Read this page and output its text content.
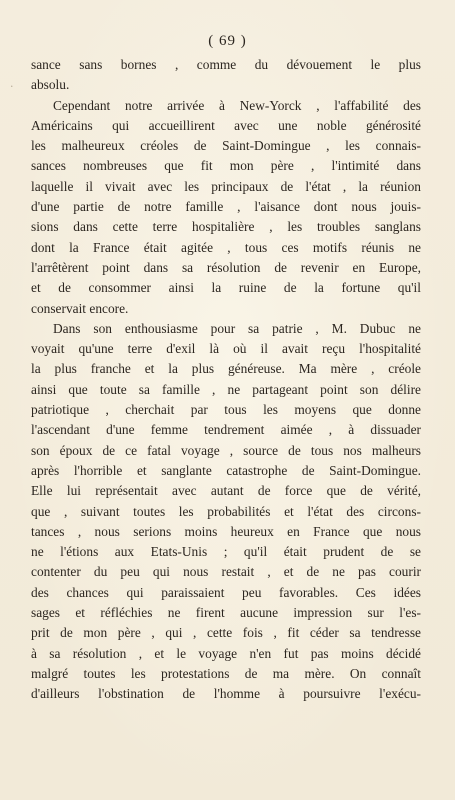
( 69 )
sance sans bornes , comme du dévouement le plus
absolu.
Cependant notre arrivée à New-Yorck , l'affabilité des
Américains qui accueillirent avec une noble générosité
les malheureux créoles de Saint-Domingue , les connais-
sances nombreuses que fit mon père , l'intimité dans
laquelle il vivait avec les principaux de l'état , la réunion
d'une partie de notre famille , l'aisance dont nous jouis-
sions dans cette terre hospitalière , les troubles sanglans
dont la France était agitée , tous ces motifs réunis ne
l'arrêtèrent point dans sa résolution de revenir en Europe,
et de consommer ainsi la ruine de la fortune qu'il
conservait encore.
Dans son enthousiasme pour sa patrie , M. Dubuc ne
voyait qu'une terre d'exil là où il avait reçu l'hospitalité
la plus franche et la plus généreuse. Ma mère , créole
ainsi que toute sa famille , ne partageant point son délire
patriotique , cherchait par tous les moyens que donne
l'ascendant d'une femme tendrement aimée , à dissuader
son époux de ce fatal voyage , source de tous nos malheurs
après l'horrible et sanglante catastrophe de Saint-Domingue.
Elle lui représentait avec autant de force que de vérité,
que , suivant toutes les probabilités et l'état des circons-
tances , nous serions moins heureux en France que nous
ne l'étions aux Etats-Unis ; qu'il était prudent de se
contenter du peu qui nous restait , et de ne pas courir
des chances qui paraissaient peu favorables. Ces idées
sages et réfléchies ne firent aucune impression sur l'es-
prit de mon père , qui , cette fois , fit céder sa tendresse
à sa résolution , et le voyage n'en fut pas moins décidé
malgré toutes les protestations de ma mère. On connaît
d'ailleurs l'obstination de l'homme à poursuivre l'exécu-
·
